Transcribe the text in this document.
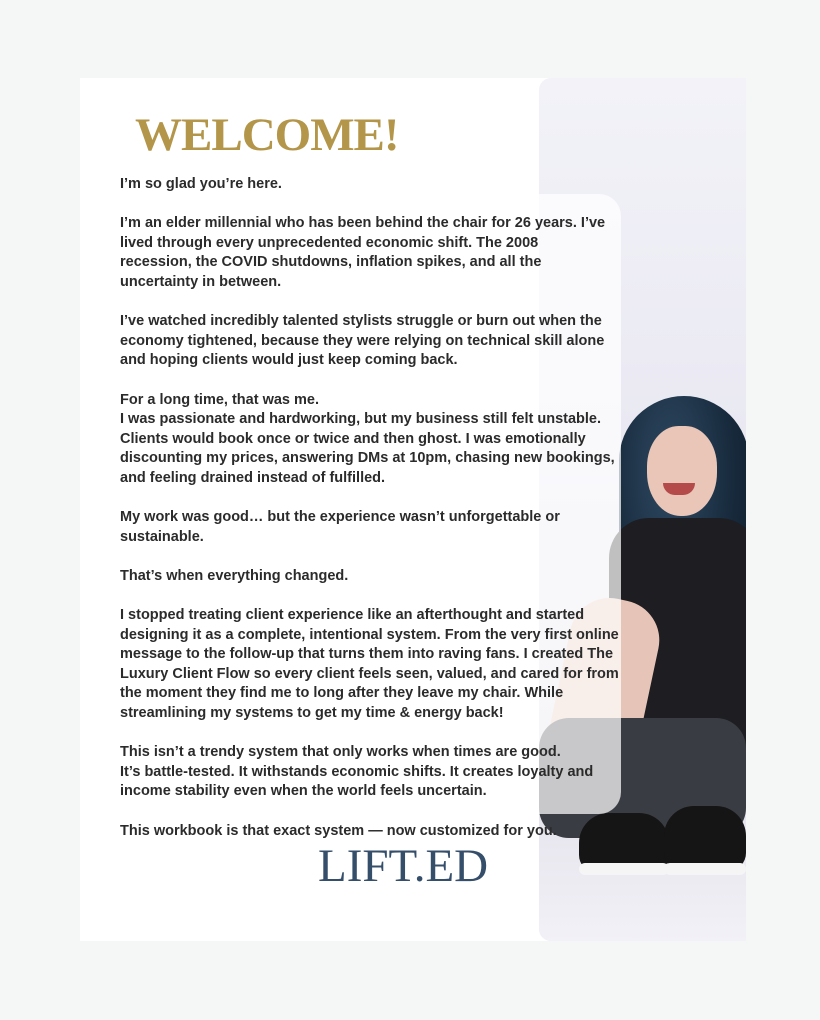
WELCOME!

I’m so glad you’re here.

I’m an elder millennial who has been behind the chair for 26 years. I’ve
lived through every unprecedented economic shift. The 2008
recession, the COVID shutdowns, inflation spikes, and all the
uncertainty in between.

I’ve watched incredibly talented stylists struggle or burn out when the
economy tightened, because they were relying on technical skill alone
and hoping clients would just keep coming back.

For a long time, that was me.
I was passionate and hardworking, but my business still felt unstable.
Clients would book once or twice and then ghost. I was emotionally
discounting my prices, answering DMs at 10pm, chasing new bookings,
and feeling drained instead of fulfilled.

My work was good… but the experience wasn’t unforgettable or
sustainable.

That’s when everything changed.

I stopped treating client experience like an afterthought and started
designing it as a complete, intentional system. From the very first online
message to the follow-up that turns them into raving fans. I created The
Luxury Client Flow so every client feels seen, valued, and cared for from
the moment they find me to long after they leave my chair. While
streamlining my systems to get my time & energy back!

This isn’t a trendy system that only works when times are good.
It’s battle-tested. It withstands economic shifts. It creates loyalty and
income stability even when the world feels uncertain.

This workbook is that exact system — now customized for you.

LIFT.ED
